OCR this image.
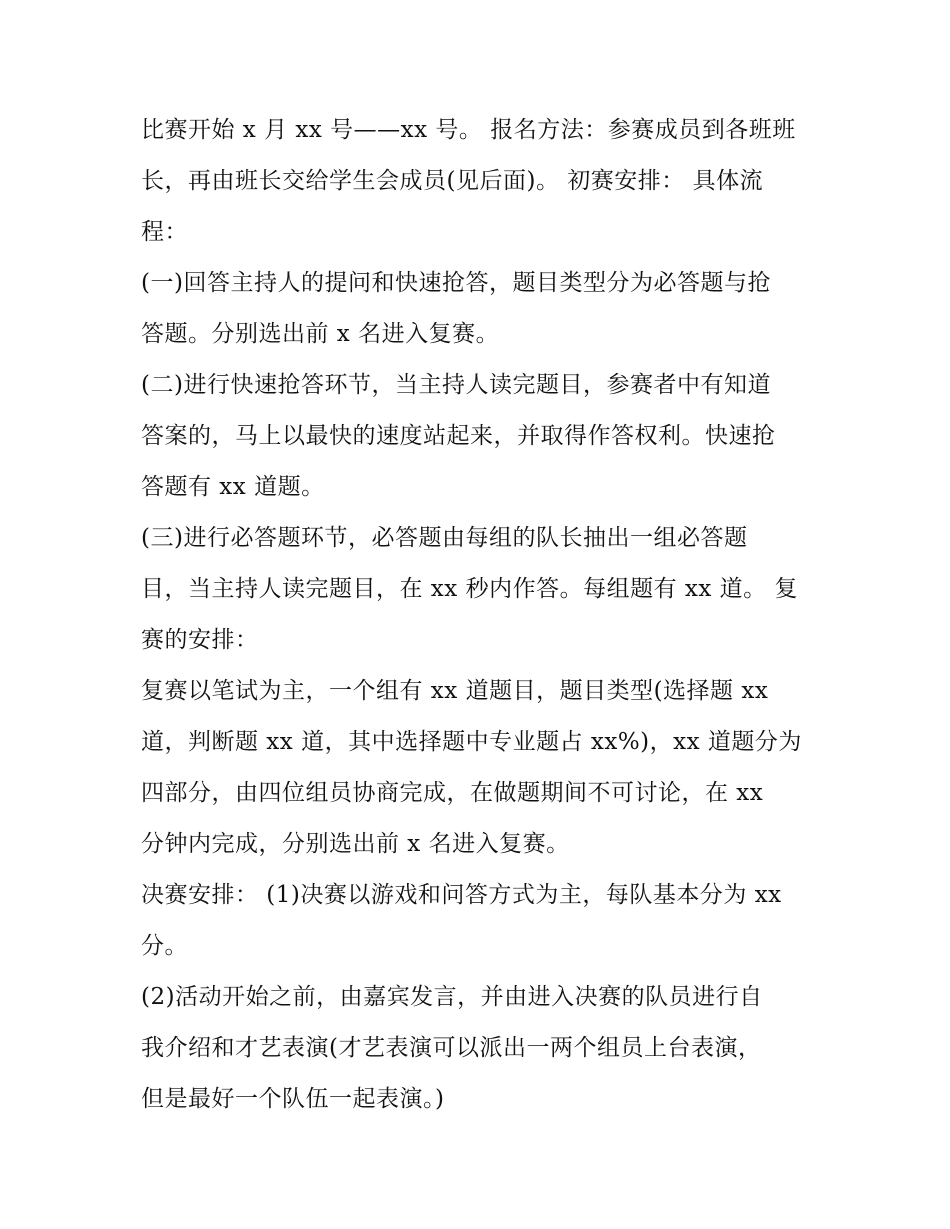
比赛开始 x 月 xx 号——xx 号。 报名方法：参赛成员到各班班
长，再由班长交给学生会成员(见后面)。 初赛安排： 具体流
程：
(一)回答主持人的提问和快速抢答，题目类型分为必答题与抢
答题。分别选出前 x 名进入复赛。
(二)进行快速抢答环节，当主持人读完题目，参赛者中有知道
答案的，马上以最快的速度站起来，并取得作答权利。快速抢
答题有 xx 道题。
(三)进行必答题环节，必答题由每组的队长抽出一组必答题
目，当主持人读完题目，在 xx 秒内作答。每组题有 xx 道。 复
赛的安排：
复赛以笔试为主，一个组有 xx 道题目，题目类型(选择题 xx
道，判断题 xx 道，其中选择题中专业题占 xx%)，xx 道题分为
四部分，由四位组员协商完成，在做题期间不可讨论，在 xx
分钟内完成，分别选出前 x 名进入复赛。
决赛安排： (1)决赛以游戏和问答方式为主，每队基本分为 xx
分。
(2)活动开始之前，由嘉宾发言，并由进入决赛的队员进行自
我介绍和才艺表演(才艺表演可以派出一两个组员上台表演，
但是最好一个队伍一起表演。)
